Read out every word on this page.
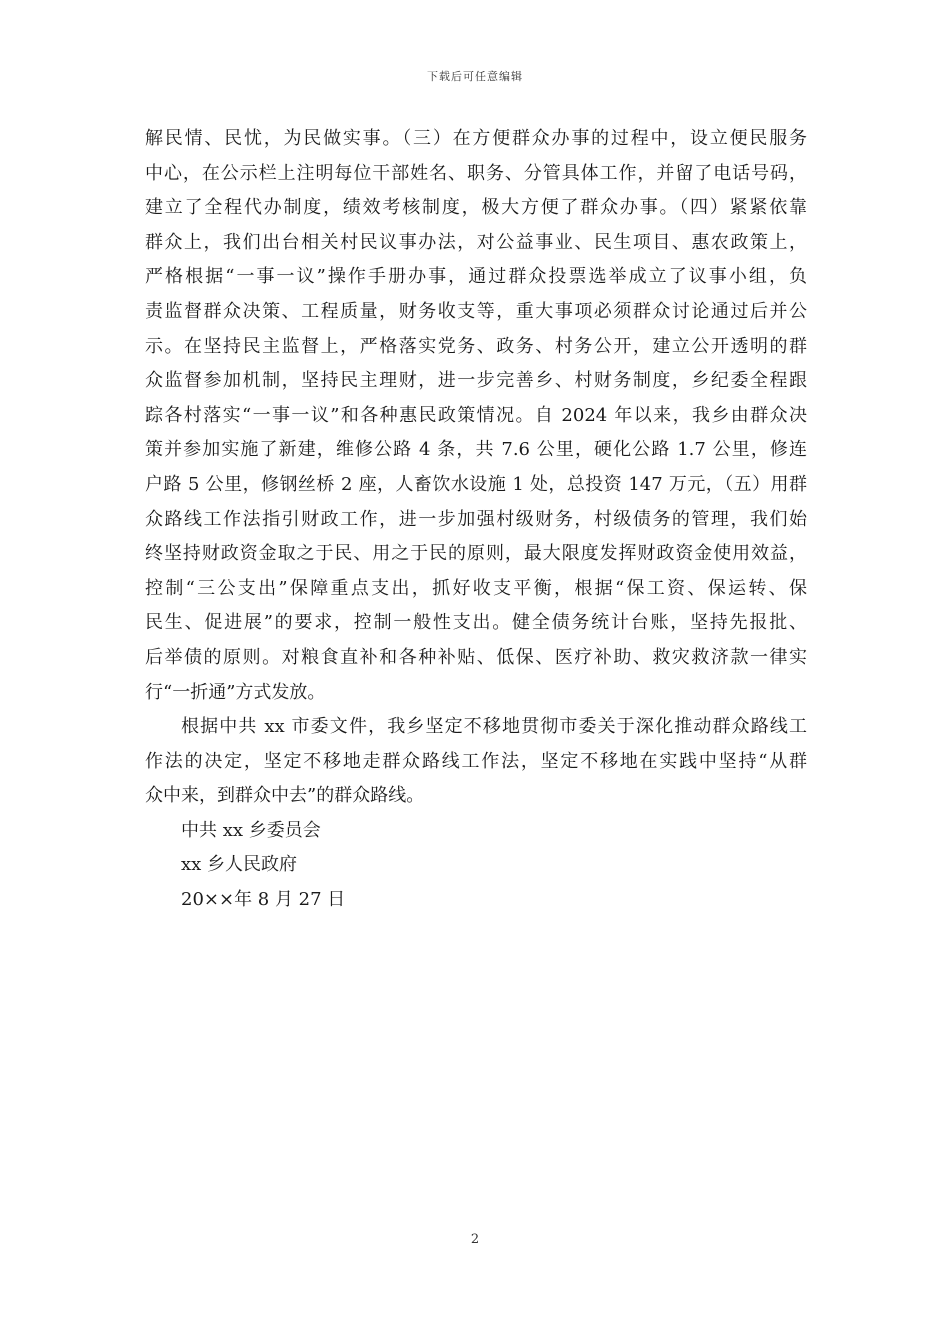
下载后可任意编辑
解民情、民忧，为民做实事。（三）在方便群众办事的过程中，设立便民服务
中心，在公示栏上注明每位干部姓名、职务、分管具体工作，并留了电话号码，
建立了全程代办制度，绩效考核制度，极大方便了群众办事。（四）紧紧依靠
群众上，我们出台相关村民议事办法，对公益事业、民生项目、惠农政策上，
严格根据“一事一议”操作手册办事，通过群众投票选举成立了议事小组，负
责监督群众决策、工程质量，财务收支等，重大事项必须群众讨论通过后并公
示。在坚持民主监督上，严格落实党务、政务、村务公开，建立公开透明的群
众监督参加机制，坚持民主理财，进一步完善乡、村财务制度，乡纪委全程跟
踪各村落实“一事一议”和各种惠民政策情况。自 2024 年以来，我乡由群众决
策并参加实施了新建，维修公路 4 条，共 7.6 公里，硬化公路 1.7 公里，修连
户路 5 公里，修钢丝桥 2 座，人畜饮水设施 1 处，总投资 147 万元，（五）用群
众路线工作法指引财政工作，进一步加强村级财务，村级债务的管理，我们始
终坚持财政资金取之于民、用之于民的原则，最大限度发挥财政资金使用效益，
控制“三公支出”保障重点支出，抓好收支平衡，根据“保工资、保运转、保
民生、促进展”的要求，控制一般性支出。健全债务统计台账，坚持先报批、
后举债的原则。对粮食直补和各种补贴、低保、医疗补助、救灾救济款一律实
行“一折通”方式发放。
根据中共 xx 市委文件，我乡坚定不移地贯彻市委关于深化推动群众路线工
作法的决定，坚定不移地走群众路线工作法，坚定不移地在实践中坚持“从群
众中来，到群众中去”的群众路线。
中共 xx 乡委员会
xx 乡人民政府
20××年 8 月 27 日
2
